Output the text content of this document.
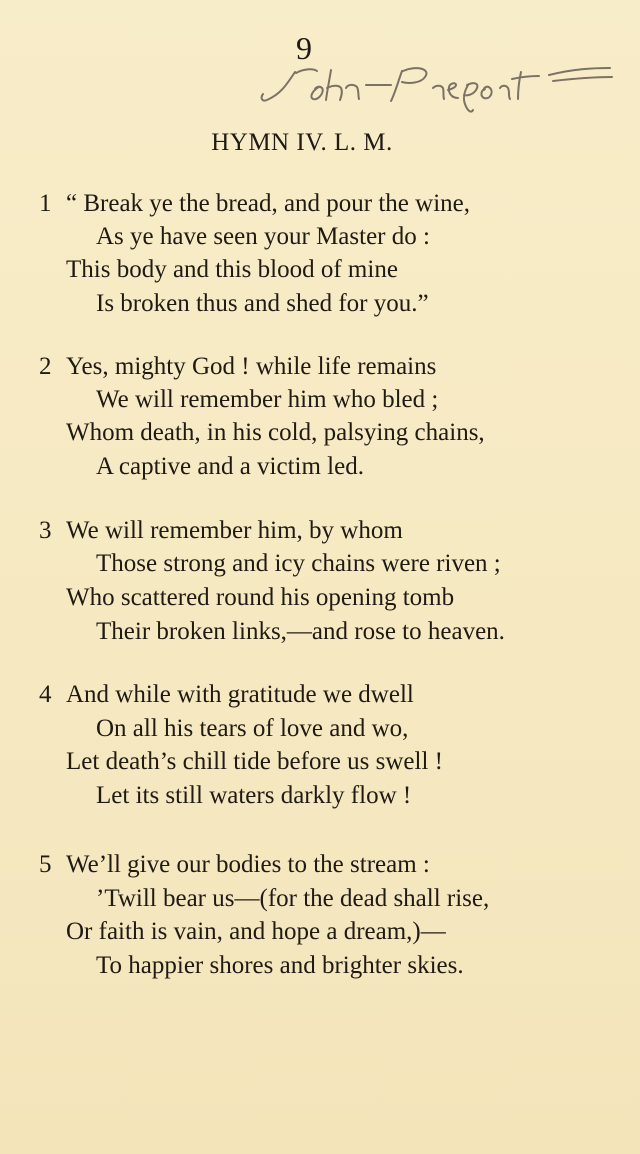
9
HYMN IV. L. M.
1 “ Break ye the bread, and pour the wine,
As ye have seen your Master do :
This body and this blood of mine
Is broken thus and shed for you.”
2 Yes, mighty God ! while life remains
We will remember him who bled ;
Whom death, in his cold, palsying chains,
A captive and a victim led.
3 We will remember him, by whom
Those strong and icy chains were riven ;
Who scattered round his opening tomb
Their broken links,—and rose to heaven.
4 And while with gratitude we dwell
On all his tears of love and wo,
Let death’s chill tide before us swell !
Let its still waters darkly flow !
5 We’ll give our bodies to the stream :
’Twill bear us—(for the dead shall rise,
Or faith is vain, and hope a dream,)—
To happier shores and brighter skies.
